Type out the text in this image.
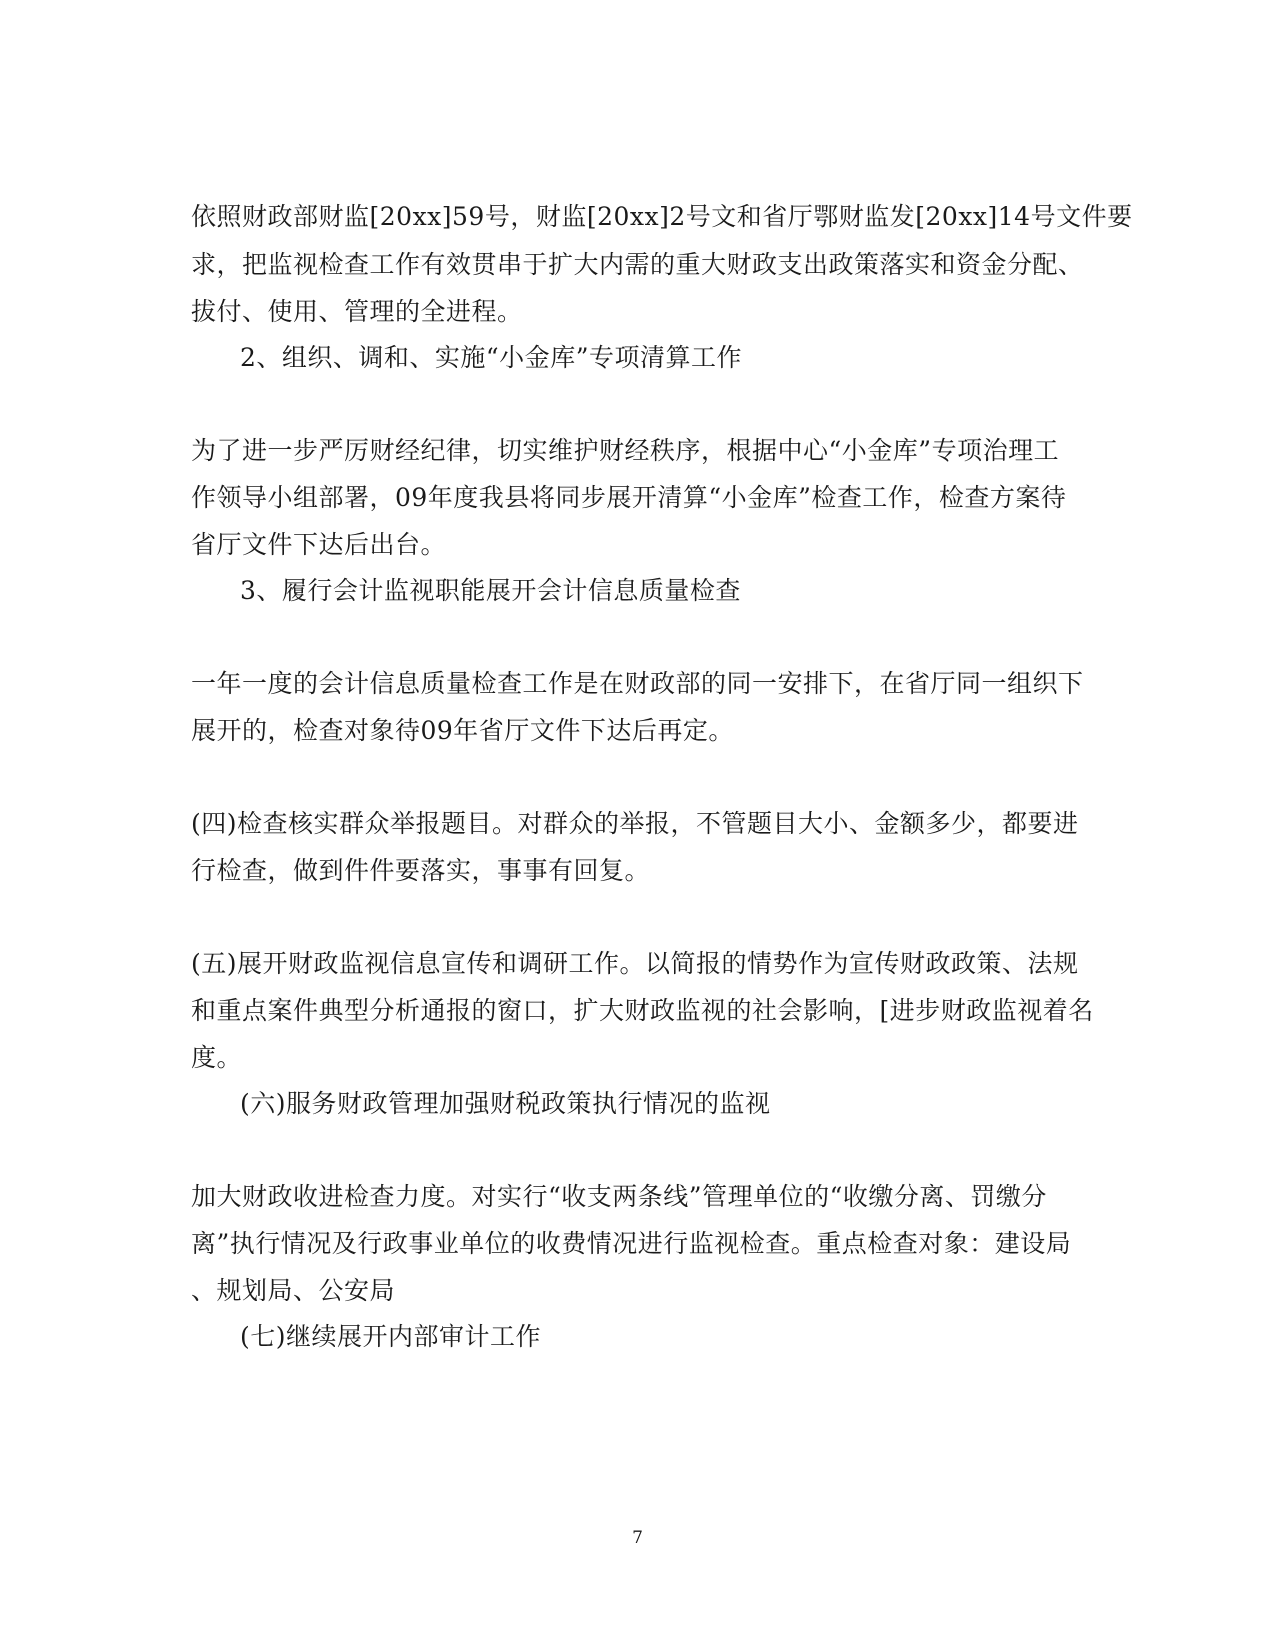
依照财政部财监[20xx]59号，财监[20xx]2号文和省厅鄂财监发[20xx]14号文件要
求，把监视检查工作有效贯串于扩大内需的重大财政支出政策落实和资金分配、
拔付、使用、管理的全进程。
2、组织、调和、实施“小金库”专项清算工作
为了进一步严厉财经纪律，切实维护财经秩序，根据中心“小金库”专项治理工
作领导小组部署，09年度我县将同步展开清算“小金库”检查工作，检查方案待
省厅文件下达后出台。
3、履行会计监视职能展开会计信息质量检查
一年一度的会计信息质量检查工作是在财政部的同一安排下，在省厅同一组织下
展开的，检查对象待09年省厅文件下达后再定。
(四)检查核实群众举报题目。对群众的举报，不管题目大小、金额多少，都要进
行检查，做到件件要落实，事事有回复。
(五)展开财政监视信息宣传和调研工作。以简报的情势作为宣传财政政策、法规
和重点案件典型分析通报的窗口，扩大财政监视的社会影响，[进步财政监视着名
度。
(六)服务财政管理加强财税政策执行情况的监视
加大财政收进检查力度。对实行“收支两条线”管理单位的“收缴分离、罚缴分
离”执行情况及行政事业单位的收费情况进行监视检查。重点检查对象：建设局
、规划局、公安局
(七)继续展开内部审计工作
7
